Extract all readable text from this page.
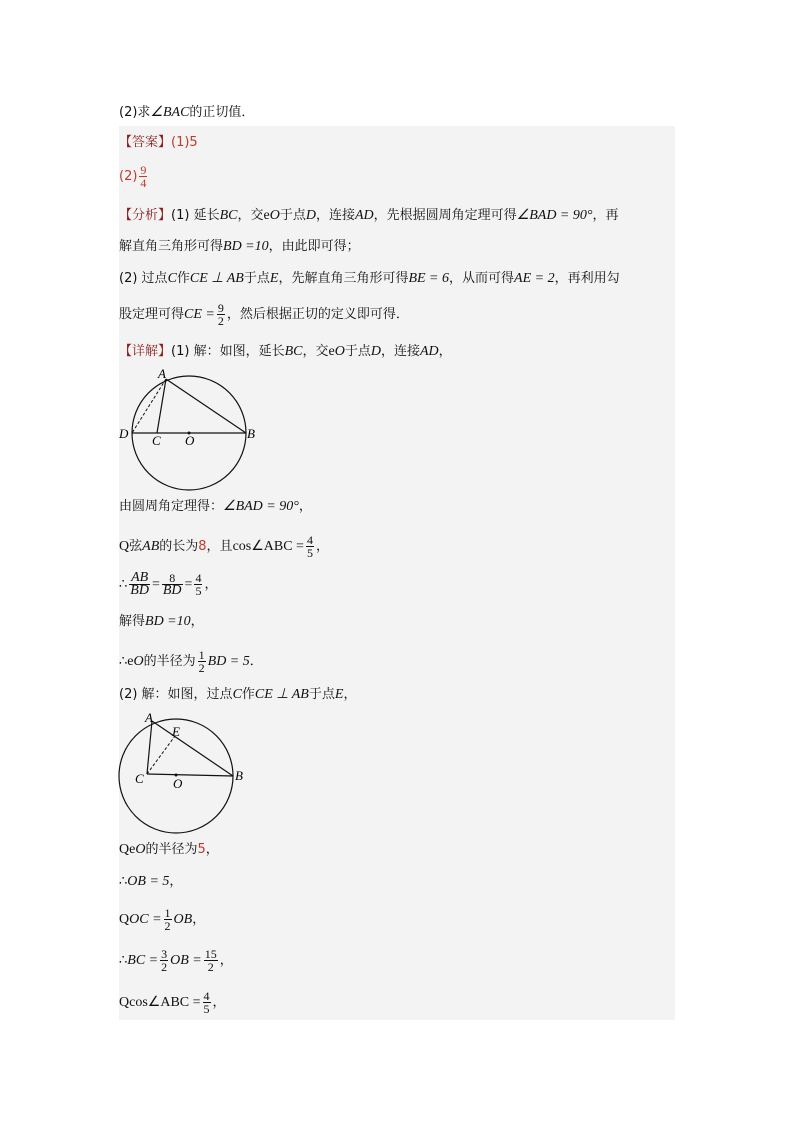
(2)求∠BAC的正切值．
【答案】(1)5
$(2) \frac{9}{4}$
【分析】(1) 延长BC，交eO于点D，连接AD，先根据圆周角定理可得∠BAD = 90°，再
解直角三角形可得BD =10，由此即可得；
(2) 过点C作CE ⊥ AB于点E，先解直角三角形可得BE = 6，从而可得AE = 2，再利用勾
股定理可得CE = $\frac{9}{2}$ ，然后根据正切的定义即可得．
【详解】(1) 解：如图，延长BC，交eO于点D，连接AD，
A
D C O	B
由圆周角定理得：∠BAD = 90°，
Q弦AB的长为8，且cos∠ABC = $\frac{4}{5}$ ，
∴ $\frac{AB}{BD} = \frac{8}{BD} = \frac{4}{5}$ ，
解得BD =10，
∴eO的半径为 $\frac{1}{2}$ BD = 5．
(2) 解：如图，过点C作CE ⊥ AB于点E，
A
E
C O
B
QeO的半径为5，
∴OB = 5，
QOC = $\frac{1}{2}$ OB，
∴BC = $\frac{3}{2}$ OB = $\frac{15}{2}$ ，
Qcos∠ABC = $\frac{4}{5}$ ，
